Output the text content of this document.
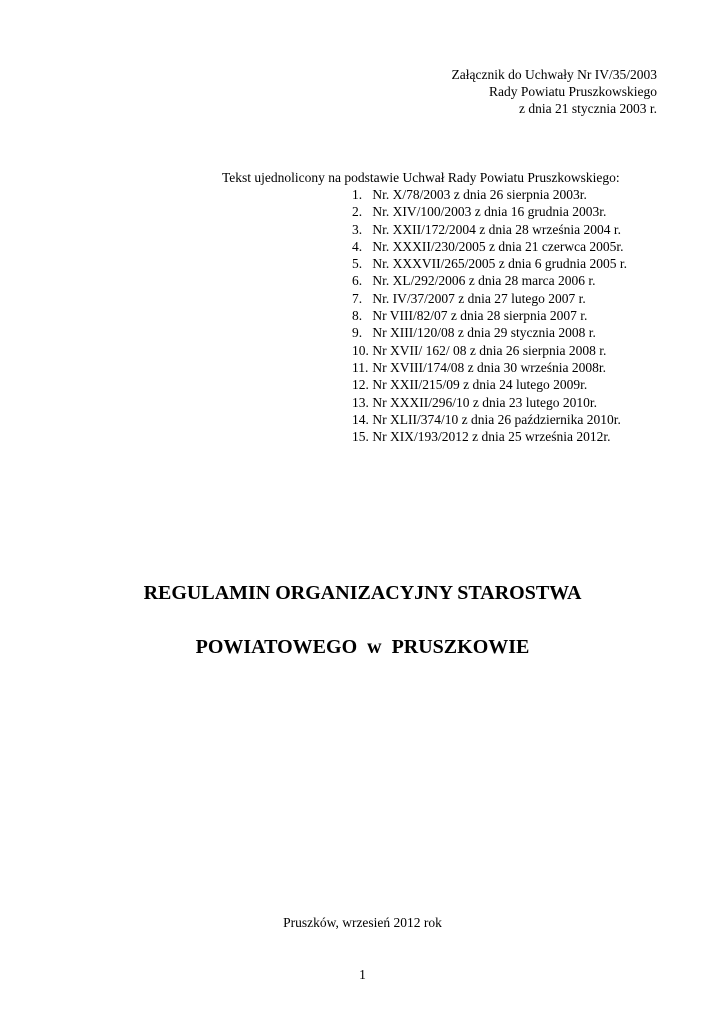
Załącznik do Uchwały Nr IV/35/2003
Rady Powiatu Pruszkowskiego
z dnia 21 stycznia 2003 r.
Tekst ujednolicony na podstawie Uchwał Rady Powiatu Pruszkowskiego:
1. Nr. X/78/2003 z dnia 26 sierpnia 2003r.
2. Nr. XIV/100/2003 z dnia 16 grudnia 2003r.
3. Nr. XXII/172/2004 z dnia 28 września 2004 r.
4. Nr. XXXII/230/2005 z dnia 21 czerwca 2005r.
5. Nr. XXXVII/265/2005 z dnia 6 grudnia 2005 r.
6. Nr. XL/292/2006 z dnia 28 marca 2006 r.
7. Nr. IV/37/2007 z dnia 27 lutego 2007 r.
8. Nr VIII/82/07 z dnia 28 sierpnia 2007 r.
9. Nr XIII/120/08 z dnia 29 stycznia 2008 r.
10. Nr XVII/ 162/ 08 z dnia 26 sierpnia 2008 r.
11. Nr XVIII/174/08 z dnia 30 września 2008r.
12. Nr XXII/215/09 z dnia 24 lutego 2009r.
13. Nr XXXII/296/10 z dnia 23 lutego 2010r.
14. Nr XLII/374/10 z dnia 26 października 2010r.
15. Nr XIX/193/2012 z dnia 25 września 2012r.
REGULAMIN ORGANIZACYJNY STAROSTWA
POWIATOWEGO  w  PRUSZKOWIE
Pruszków, wrzesień 2012 rok
1
